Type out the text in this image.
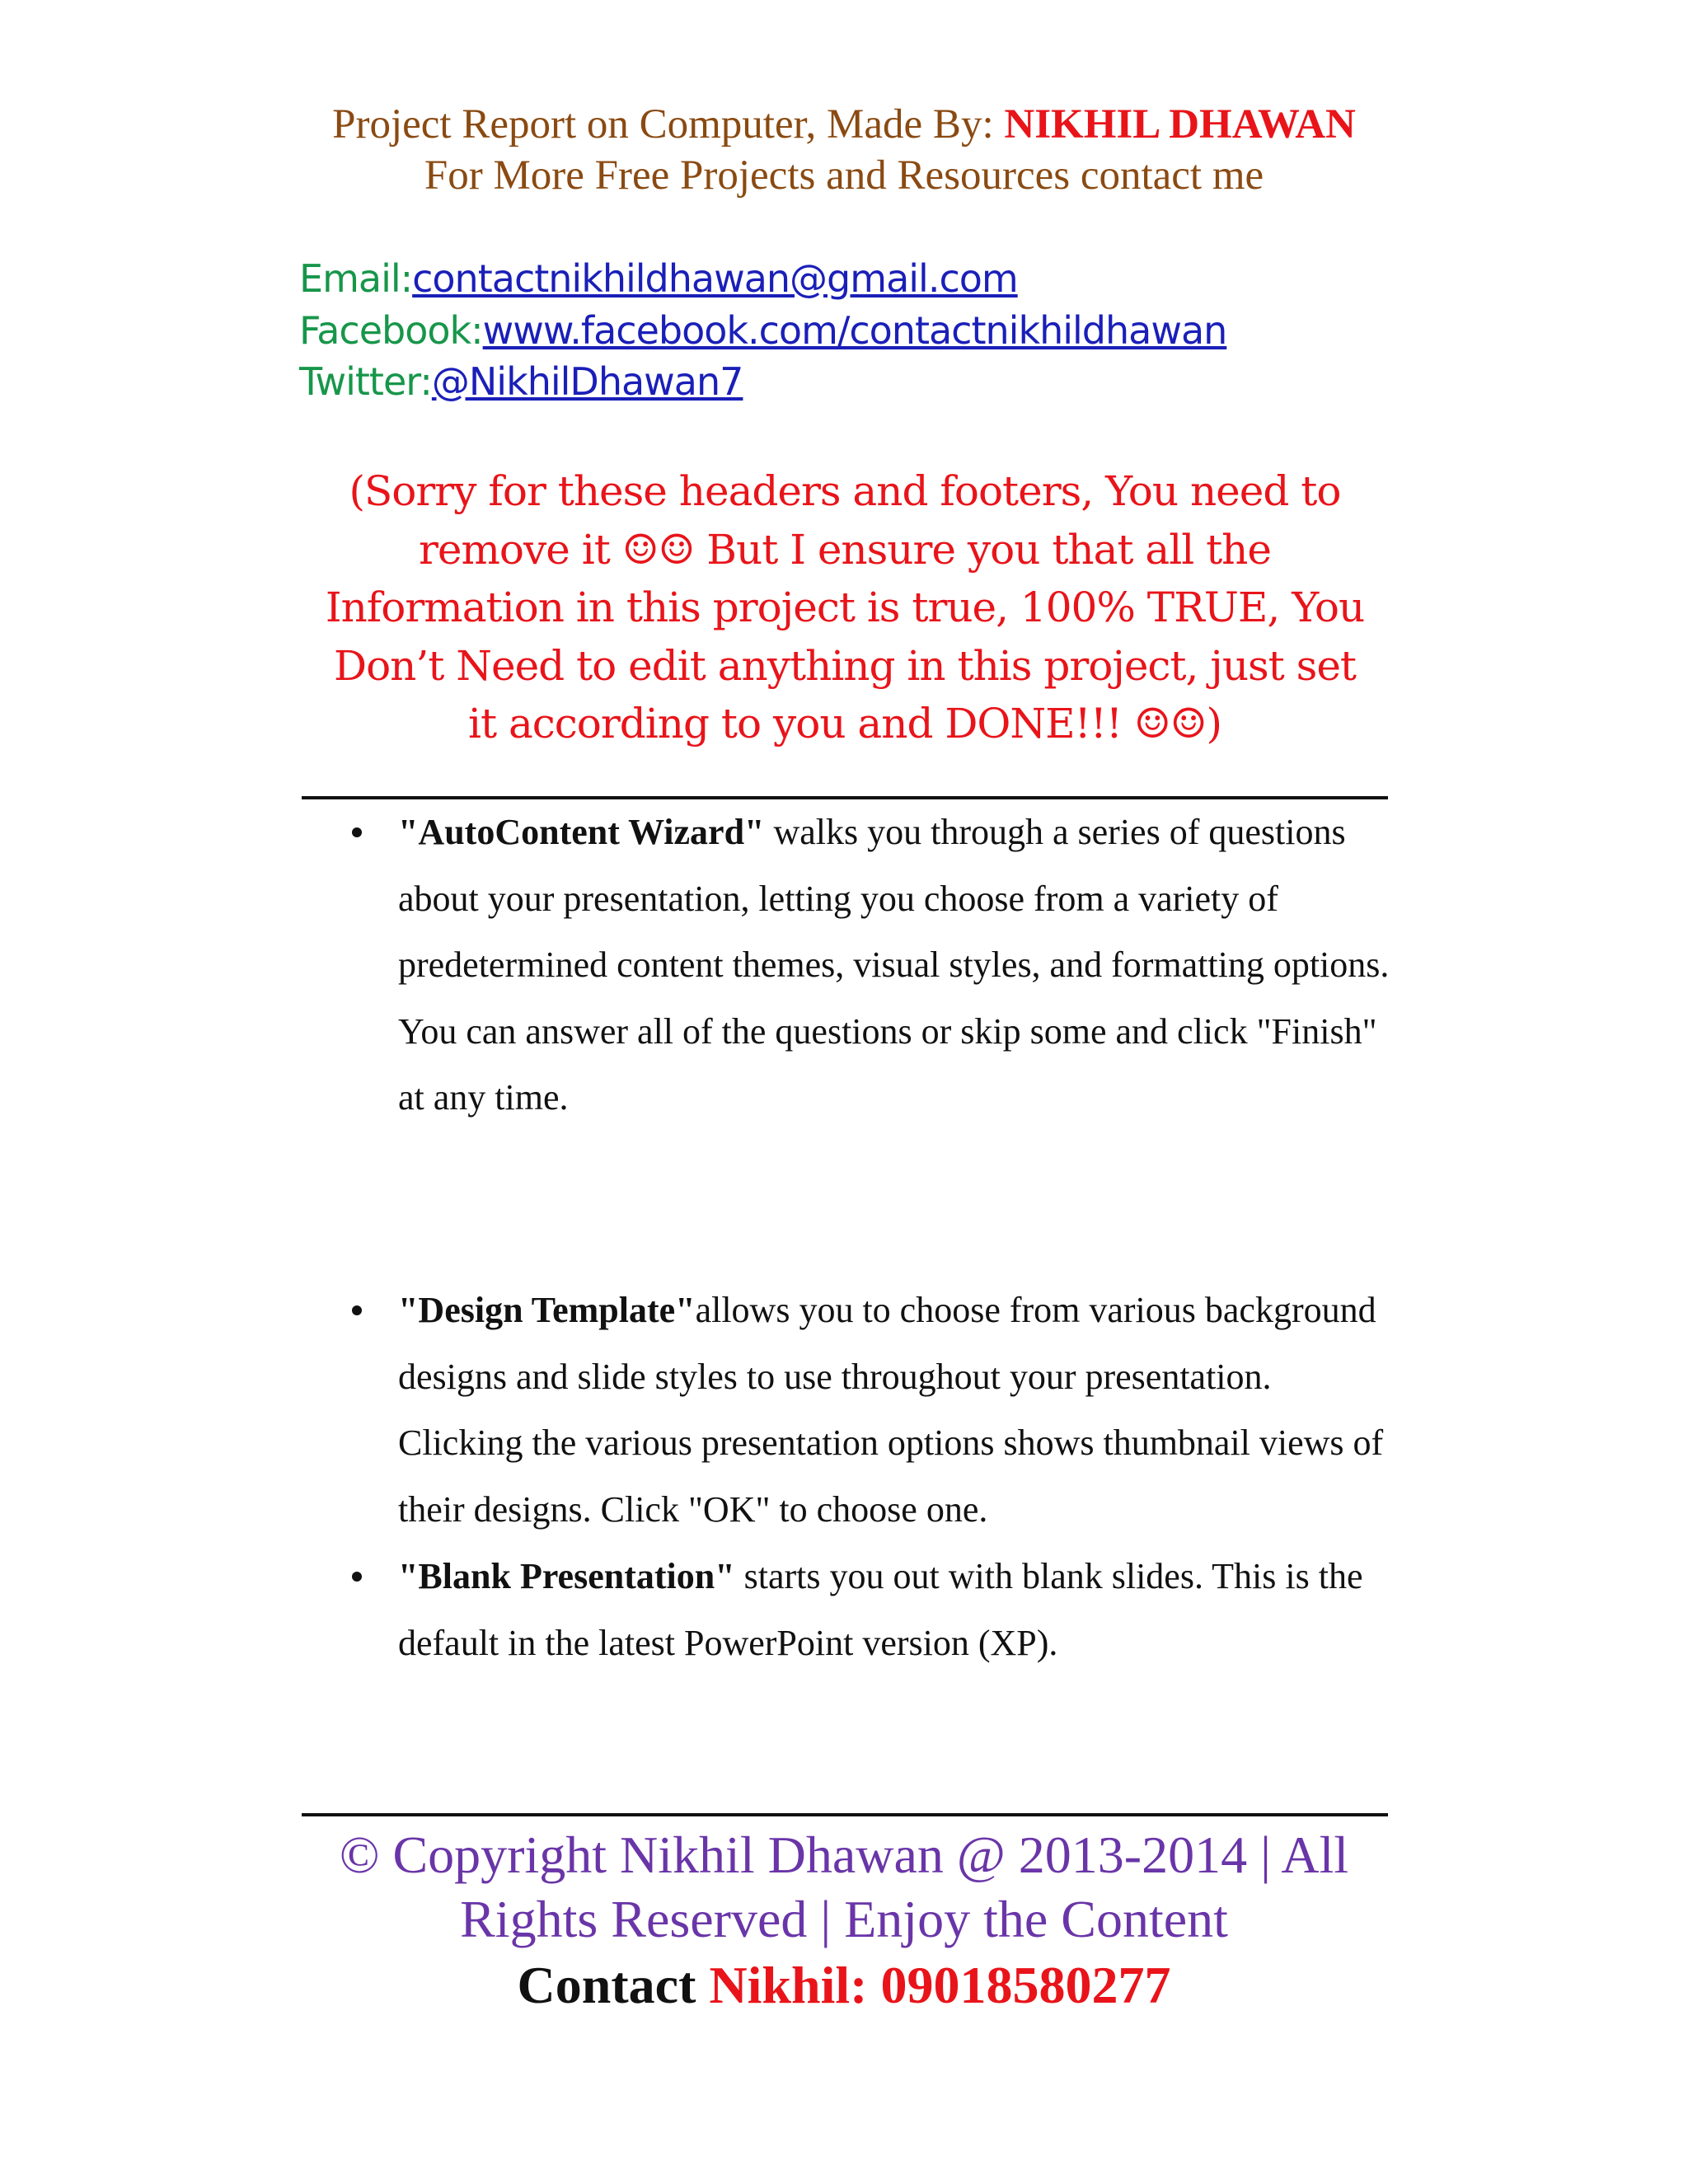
Project Report on Computer, Made By: NIKHIL DHAWAN
For More Free Projects and Resources contact me
Email:contactnikhildhawan@gmail.com
Facebook:www.facebook.com/contactnikhildhawan
Twitter:@NikhilDhawan7
(Sorry for these headers and footers, You need to
remove it ☺☺ But I ensure you that all the
Information in this project is true, 100% TRUE, You
Don’t Need to edit anything in this project, just set
it according to you and DONE!!! ☺☺)
"AutoContent Wizard" walks you through a series of questions about your presentation, letting you choose from a variety of predetermined content themes, visual styles, and formatting options. You can answer all of the questions or skip some and click "Finish" at any time.
"Design Template"allows you to choose from various background designs and slide styles to use throughout your presentation. Clicking the various presentation options shows thumbnail views of their designs. Click "OK" to choose one.
"Blank Presentation" starts you out with blank slides. This is the default in the latest PowerPoint version (XP).
© Copyright Nikhil Dhawan @ 2013-2014 | All
Rights Reserved | Enjoy the Content
Contact Nikhil: 09018580277
